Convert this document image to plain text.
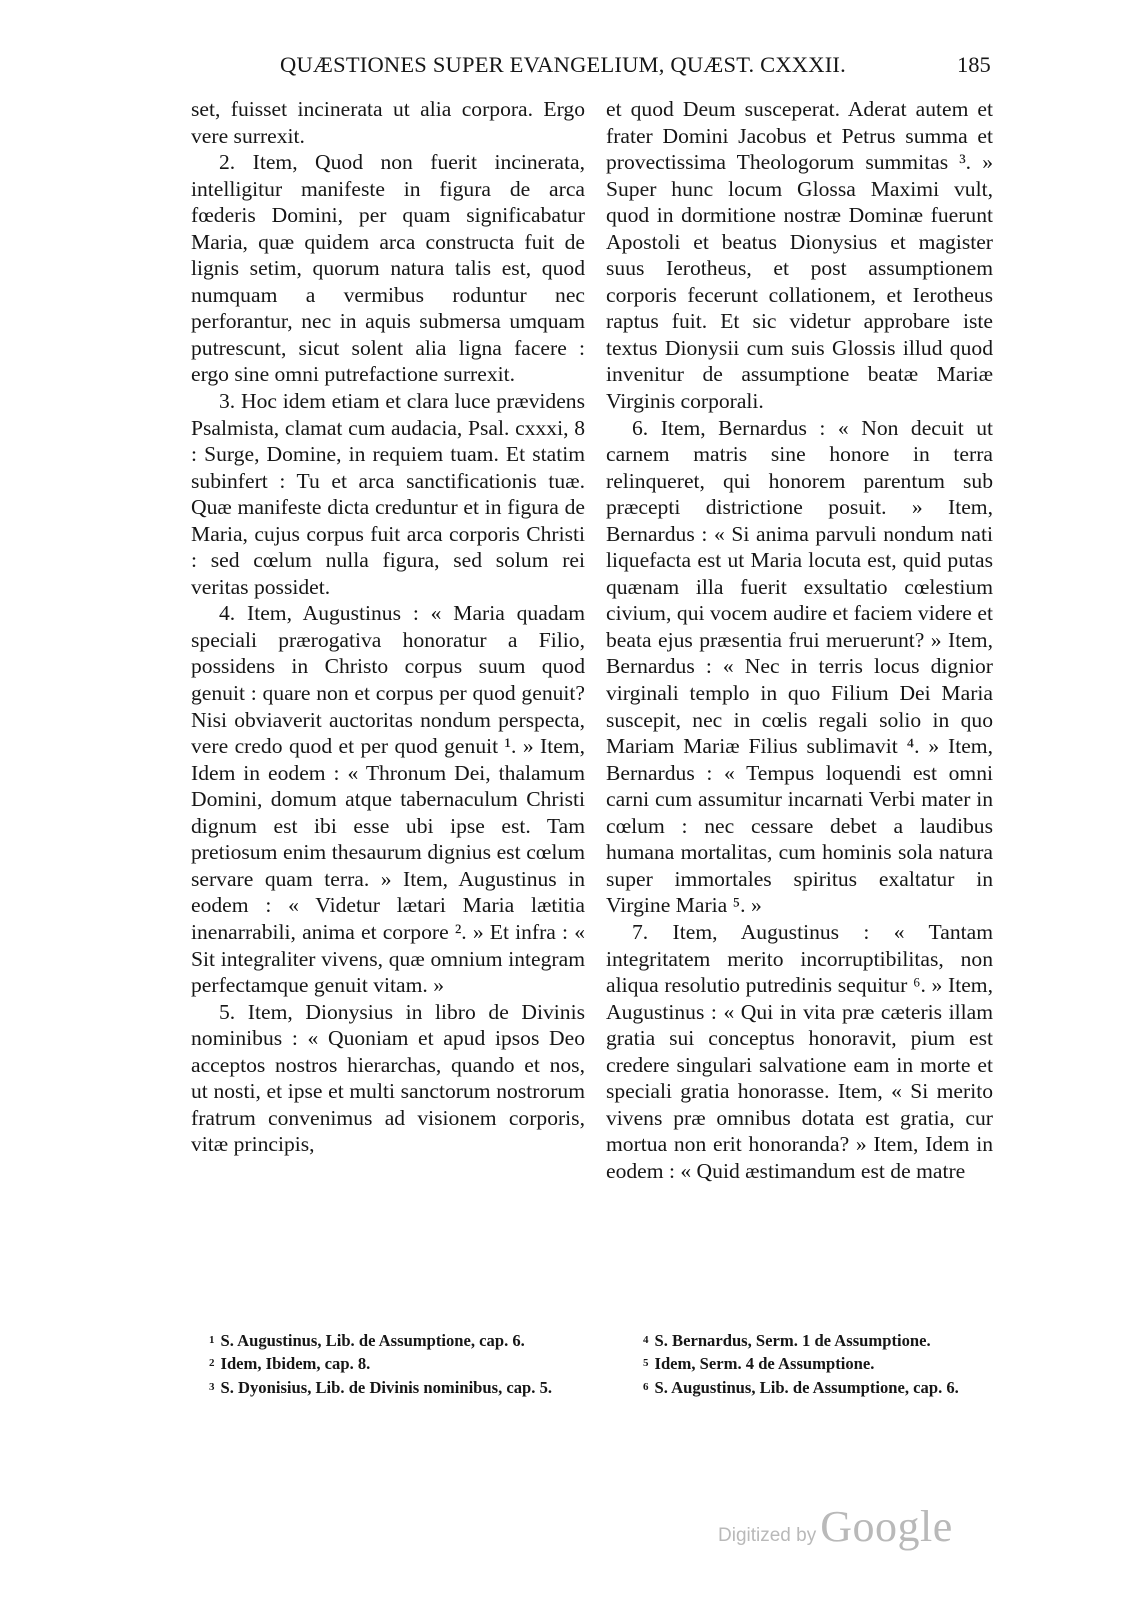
QUÆSTIONES SUPER EVANGELIUM, QUÆST. CXXXII.	185

set, fuisset incinerata ut alia corpora. Ergo vere surrexit.

2. Item, Quod non fuerit incinerata, intelligitur manifeste in figura de arca fœderis Domini, per quam significabatur Maria, quæ quidem arca constructa fuit de lignis setim, quorum natura talis est, quod numquam a vermibus roduntur nec perforantur, nec in aquis submersa umquam putrescunt, sicut solent alia ligna facere : ergo sine omni putrefactione surrexit.

3. Hoc idem etiam et clara luce prævidens Psalmista, clamat cum audacia, Psal. cxxxi, 8 : Surge, Domine, in requiem tuam. Et statim subinfert : Tu et arca sanctificationis tuæ. Quæ manifeste dicta creduntur et in figura de Maria, cujus corpus fuit arca corporis Christi : sed cœlum nulla figura, sed solum rei veritas possidet.

4. Item, Augustinus : « Maria quadam speciali prærogativa honoratur a Filio, possidens in Christo corpus suum quod genuit : quare non et corpus per quod genuit? Nisi obviaverit auctoritas nondum perspecta, vere credo quod et per quod genuit ¹. » Item, Idem in eodem : « Thronum Dei, thalamum Domini, domum atque tabernaculum Christi dignum est ibi esse ubi ipse est. Tam pretiosum enim thesaurum dignius est cœlum servare quam terra. » Item, Augustinus in eodem : « Videtur lætari Maria lætitia inenarrabili, anima et corpore ². » Et infra : « Sit integraliter vivens, quæ omnium integram perfectamque genuit vitam. »

5. Item, Dionysius in libro de Divinis nominibus : « Quoniam et apud ipsos Deo acceptos nostros hierarchas, quando et nos, ut nosti, et ipse et multi sanctorum nostrorum fratrum convenimus ad visionem corporis, vitæ principis,

et quod Deum susceperat. Aderat autem et frater Domini Jacobus et Petrus summa et provectissima Theologorum summitas ³. » Super hunc locum Glossa Maximi vult, quod in dormitione nostræ Dominæ fuerunt Apostoli et beatus Dionysius et magister suus Ierotheus, et post assumptionem corporis fecerunt collationem, et Ierotheus raptus fuit. Et sic videtur approbare iste textus Dionysii cum suis Glossis illud quod invenitur de assumptione beatæ Mariæ Virginis corporali.

6. Item, Bernardus : « Non decuit ut carnem matris sine honore in terra relinqueret, qui honorem parentum sub præcepti districtione posuit. » Item, Bernardus : « Si anima parvuli nondum nati liquefacta est ut Maria locuta est, quid putas quænam illa fuerit exsultatio cœlestium civium, qui vocem audire et faciem videre et beata ejus præsentia frui meruerunt? » Item, Bernardus : « Nec in terris locus dignior virginali templo in quo Filium Dei Maria suscepit, nec in cœlis regali solio in quo Mariam Mariæ Filius sublimavit ⁴. » Item, Bernardus : « Tempus loquendi est omni carni cum assumitur incarnati Verbi mater in cœlum : nec cessare debet a laudibus humana mortalitas, cum hominis sola natura super immortales spiritus exaltatur in Virgine Maria ⁵. »

7. Item, Augustinus : « Tantam integritatem merito incorruptibilitas, non aliqua resolutio putredinis sequitur ⁶. » Item, Augustinus : « Qui in vita præ cæteris illam gratia sui conceptus honoravit, pium est credere singulari salvatione eam in morte et speciali gratia honorasse. Item, « Si merito vivens præ omnibus dotata est gratia, cur mortua non erit honoranda? » Item, Idem in eodem : « Quid æstimandum est de matre

1 S. Augustinus, Lib. de Assumptione, cap. 6.

2 Idem, Ibidem, cap. 8.

3 S. Dyonisius, Lib. de Divinis nominibus, cap. 5.

4 S. Bernardus, Serm. 1 de Assumptione.

5 Idem, Serm. 4 de Assumptione.

6 S. Augustinus, Lib. de Assumptione, cap. 6.

Digitized by Google
